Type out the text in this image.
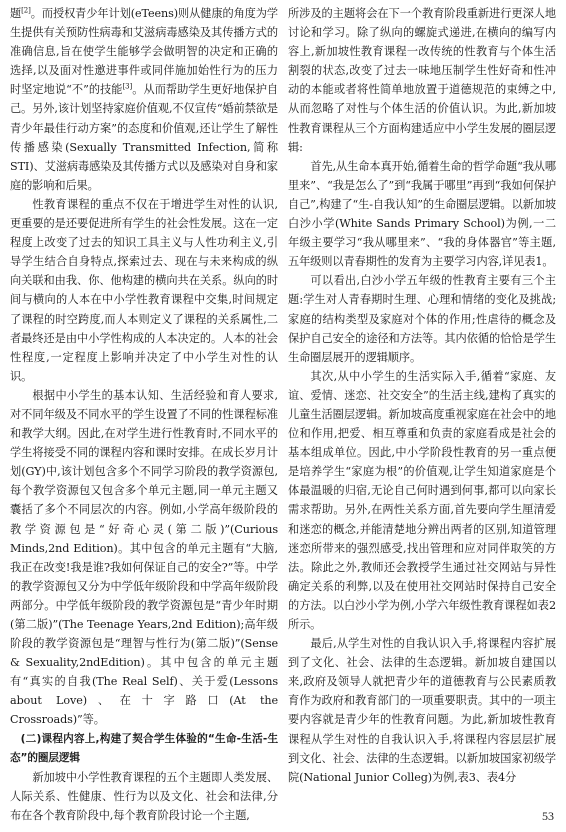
题[2]。而授权青少年计划(eTeens)则从健康的角度为学生提供有关预防性病毒和艾滋病毒感染及其传播方式的准确信息,旨在使学生能够学会做明智的决定和正确的选择,以及面对性邀进事件或同伴施加始性行为的压力时坚定地说“不”的技能[3]。从而帮助学生更好地保护自己。另外,该计划坚持家庭价值观,不仅宣传“婚前禁欲是青少年最佳行动方案”的态度和价值观,还让学生了解性传播感染(Sexually Transmitted Infection,简称STI)、艾滋病毒感染及其传播方式以及感染对自身和家庭的影响和后果。

性教育课程的重点不仅在于增进学生对性的认识,更重要的是还要促进所有学生的社会性发展。这在一定程度上改变了过去的知识工具主义与人性功利主义,引导学生结合自身特点,探索过去、现在与未来构成的纵向关联和由我、你、他构建的横向共在关系。纵向的时间与横向的人本在中小学性教育课程中交集,时间规定了课程的时空跨度,而人本则定义了课程的关系属性,二者最终还是由中小学性构成的人本决定的。人本的社会性程度,一定程度上影响并决定了中小学生对性的认识。

根据中小学生的基本认知、生活经验和育人要求,对不同年级及不同水平的学生设置了不同的性课程标准和教学大纲。因此,在对学生进行性教育时,不同水平的学生将接受不同的课程内容和课时安排。在成长岁月计划(GY)中,该计划包含多个不同学习阶段的教学资源包,每个教学资源包又包含多个单元主题,同一单元主题又囊括了多个不同层次的内容。例如,小学高年级阶段的教学资源包是“好奇心灵(第二版)”(Curious Minds,2nd Edition)。其中包含的单元主题有“大脑,我正在改变!我是谁?我如何保证自己的安全?”等。中学的教学资源包又分为中学低年级阶段和中学高年级阶段两部分。中学低年级阶段的教学资源包是“青少年时期(第二版)”(The Teenage Years,2nd Edition);高年级阶段的教学资源包是“理智与性行为(第二版)”(Sense & Sexuality,2ndEdition)。其中包含的单元主题有“真实的自我(The Real Self)、关于爱(Lessons about Love)、在十字路口(At the Crossroads)”等。

(二)课程内容上,构建了契合学生体验的“生命-生活-生态”的圈层逻辑

新加坡中小学性教育课程的五个主题即人类发展、人际关系、性健康、性行为以及文化、社会和法律,分布在各个教育阶段中,每个教育阶段讨论一个主题,

所涉及的主题将会在下一个教育阶段重新进行更深人地讨论和学习。除了纵向的螺旋式递进,在横向的编写内容上,新加坡性教育课程一改传统的性教育与个体生活割裂的状态,改变了过去一味地压制学生性好奇和性冲动的本能或者将性简单地放置于道德规范的束缚之中,从而忽略了对性与个体生活的价值认识。为此,新加坡性教育课程从三个方面构建适应中小学生发展的圈层逻辑:

首先,从生命本真开始,循着生命的哲学命题“我从哪里来”、“我是怎么了”到“我属于哪里”再到“我如何保护自己”,构建了“生-自我认知”的生命圈层逻辑。以新加坡白沙小学(White Sands Primary School)为例,一二年级主要学习“我从哪里来”、“我的身体器官”等主题,五年级则以青春期性的发育为主要学习内容,详见表1。

可以看出,白沙小学五年级的性教育主要有三个主题:学生对人青春期时生理、心理和情绪的变化及挑战;家庭的结构类型及家庭对个体的作用;性虐待的概念及保护自己安全的途径和方法等。其内依循的恰恰是学生生命圈层展开的逻辑顺序。

其次,从中小学生的生活实际入手,循着“家庭、友谊、爱情、迷恋、社交安全”的生活主线,建构了真实的儿童生活圈层逻辑。新加坡高度重视家庭在社会中的地位和作用,把爱、相互尊重和负责的家庭看成是社会的基本组成单位。因此,中小学阶段性教育的另一重点便是培养学生“家庭为根”的价值观,让学生知道家庭是个体最温暖的归宿,无论自己何时遇到何事,都可以向家长需求帮助。另外,在两性关系方面,首先要向学生厘清爱和迷恋的概念,并能清楚地分辨出两者的区别,知道管理迷恋所带来的强烈感受,找出管理和应对同伴取笑的方法。除此之外,教师还会教授学生通过社交网站与异性确定关系的利弊,以及在使用社交网站时保持自己安全的方法。以白沙小学为例,小学六年级性教育课程如表2所示。

最后,从学生对性的自我认识入手,将课程内容扩展到了文化、社会、法律的生态逻辑。新加坡自建国以来,政府及领导人就把青少年的道德教育与公民素质教育作为政府和教育部门的一项重要职责。其中的一项主要内容就是青少年的性教育问题。为此,新加坡性教育课程从学生对性的自我认识入手,将课程内容层层扩展到文化、社会、法律的生态逻辑。以新加坡国家初级学院(National Junior Colleg)为例,表3、表4分

53
